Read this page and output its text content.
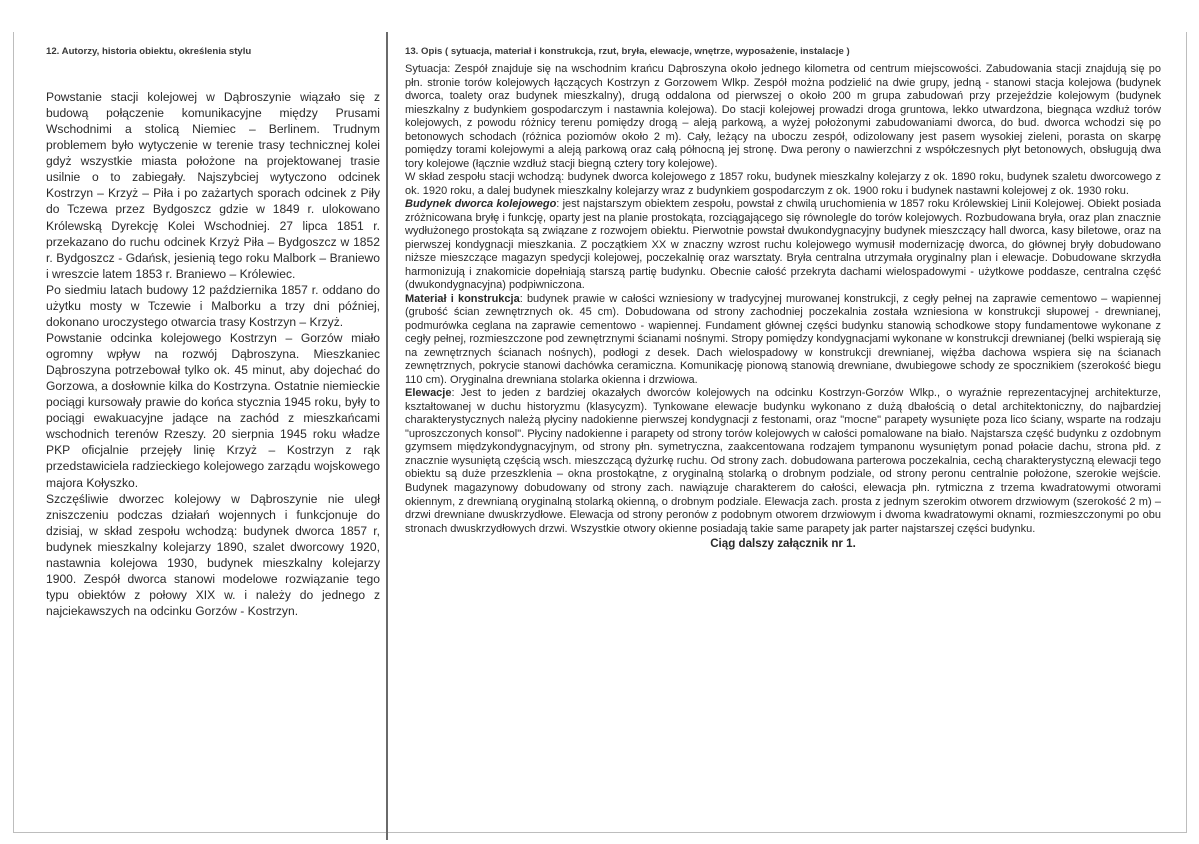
12. Autorzy, historia obiektu, określenia stylu

Powstanie stacji kolejowej w Dąbroszynie wiązało się z budową połączenie komunikacyjne między Prusami Wschodnimi a stolicą Niemiec – Berlinem. Trudnym problemem było wytyczenie w terenie trasy technicznej kolei gdyż wszystkie miasta położone na projektowanej trasie usilnie o to zabiegały. Najszybciej wytyczono odcinek Kostrzyn – Krzyż – Piła i po zażartych sporach odcinek z Piły do Tczewa przez Bydgoszcz gdzie w 1849 r. ulokowano Królewską Dyrekcję Kolei Wschodniej. 27 lipca 1851 r. przekazano do ruchu odcinek Krzyż Piła – Bydgoszcz w 1852 r. Bydgoszcz - Gdańsk, jesienią tego roku Malbork – Braniewo i wreszcie latem 1853 r. Braniewo – Królewiec.

Po siedmiu latach budowy 12 października 1857 r. oddano do użytku mosty w Tczewie i Malborku a trzy dni później, dokonano uroczystego otwarcia trasy Kostrzyn – Krzyż.

Powstanie odcinka kolejowego Kostrzyn – Gorzów miało ogromny wpływ na rozwój Dąbroszyna. Mieszkaniec Dąbroszyna potrzebował tylko ok. 45 minut, aby dojechać do Gorzowa, a dosłownie kilka do Kostrzyna. Ostatnie niemieckie pociągi kursowały prawie do końca stycznia 1945 roku, były to pociągi ewakuacyjne jadące na zachód z mieszkańcami wschodnich terenów Rzeszy. 20 sierpnia 1945 roku władze PKP oficjalnie przejęły linię Krzyż – Kostrzyn z rąk przedstawiciela radzieckiego kolejowego zarządu wojskowego majora Kołyszko.

Szczęśliwie dworzec kolejowy w Dąbroszynie nie uległ zniszczeniu podczas działań wojennych i funkcjonuje do dzisiaj, w skład zespołu wchodzą: budynek dworca 1857 r, budynek mieszkalny kolejarzy 1890, szalet dworcowy 1920, nastawnia kolejowa 1930, budynek mieszkalny kolejarzy 1900. Zespół dworca stanowi modelowe rozwiązanie tego typu obiektów z połowy XIX w. i należy do jednego z najciekawszych na odcinku Gorzów - Kostrzyn.

13. Opis ( sytuacja, materiał i konstrukcja, rzut, bryła, elewacje, wnętrze, wyposażenie, instalacje )

Sytuacja: Zespół znajduje się na wschodnim krańcu Dąbroszyna około jednego kilometra od centrum miejscowości. Zabudowania stacji znajdują się po płn. stronie torów kolejowych łączących Kostrzyn z Gorzowem Wlkp. Zespół można podzielić na dwie grupy, jedną - stanowi stacja kolejowa (budynek dworca, toalety oraz budynek mieszkalny), drugą oddalona od pierwszej o około 200 m grupa zabudowań przy przejeździe kolejowym (budynek mieszkalny z budynkiem gospodarczym i nastawnia kolejowa). Do stacji kolejowej prowadzi droga gruntowa, lekko utwardzona, biegnąca wzdłuż torów kolejowych, z powodu różnicy terenu pomiędzy drogą – aleją parkową, a wyżej położonymi zabudowaniami dworca, do bud. dworca wchodzi się po betonowych schodach (różnica poziomów około 2 m). Cały, leżący na uboczu zespół, odizolowany jest pasem wysokiej zieleni, porasta on skarpę pomiędzy torami kolejowymi a aleją parkową oraz całą północną jej stronę. Dwa perony o nawierzchni z współczesnych płyt betonowych, obsługują dwa tory kolejowe (łącznie wzdłuż stacji biegną cztery tory kolejowe).

W skład zespołu stacji wchodzą: budynek dworca kolejowego z 1857 roku, budynek mieszkalny kolejarzy z ok. 1890 roku, budynek szaletu dworcowego z ok. 1920 roku, a dalej budynek mieszkalny kolejarzy wraz z budynkiem gospodarczym z ok. 1900 roku i budynek nastawni kolejowej z ok. 1930 roku.

Budynek dworca kolejowego: jest najstarszym obiektem zespołu, powstał z chwilą uruchomienia w 1857 roku Królewskiej Linii Kolejowej. Obiekt posiada zróżnicowana bryłę i funkcję, oparty jest na planie prostokąta, rozciągającego się równolegle do torów kolejowych. Rozbudowana bryła, oraz plan znacznie wydłużonego prostokąta są związane z rozwojem obiektu. Pierwotnie powstał dwukondygnacyjny budynek mieszczący hall dworca, kasy biletowe, oraz na pierwszej kondygnacji mieszkania. Z początkiem XX w znaczny wzrost ruchu kolejowego wymusił modernizację dworca, do głównej bryły dobudowano niższe mieszczące magazyn spedycji kolejowej, poczekalnię oraz warsztaty. Bryła centralna utrzymała oryginalny plan i elewacje. Dobudowane skrzydła harmonizują i znakomicie dopełniają starszą partię budynku. Obecnie całość przekryta dachami wielospadowymi - użytkowe poddasze, centralna część (dwukondygnacyjna) podpiwniczona.

Materiał i konstrukcja: budynek prawie w całości wzniesiony w tradycyjnej murowanej konstrukcji, z cegły pełnej na zaprawie cementowo – wapiennej (grubość ścian zewnętrznych ok. 45 cm). Dobudowana od strony zachodniej poczekalnia została wzniesiona w konstrukcji słupowej - drewnianej, podmurówka ceglana na zaprawie cementowo - wapiennej. Fundament głównej części budynku stanowią schodkowe stopy fundamentowe wykonane z cegły pełnej, rozmieszczone pod zewnętrznymi ścianami nośnymi. Stropy pomiędzy kondygnacjami wykonane w konstrukcji drewnianej (belki wspierają się na zewnętrznych ścianach nośnych), podłogi z desek. Dach wielospadowy w konstrukcji drewnianej, więźba dachowa wspiera się na ścianach zewnętrznych, pokrycie stanowi dachówka ceramiczna. Komunikację pionową stanowią drewniane, dwubiegowe schody ze spocznikiem (szerokość biegu 110 cm). Oryginalna drewniana stolarka okienna i drzwiowa.

Elewacje: Jest to jeden z bardziej okazałych dworców kolejowych na odcinku Kostrzyn-Gorzów Wlkp., o wyraźnie reprezentacyjnej architekturze, kształtowanej w duchu historyzmu (klasycyzm). Tynkowane elewacje budynku wykonano z dużą dbałością o detal architektoniczny, do najbardziej charakterystycznych należą płyciny nadokienne pierwszej kondygnacji z festonami, oraz "mocne" parapety wysunięte poza lico ściany, wsparte na rodzaju "uproszczonych konsol". Płyciny nadokienne i parapety od strony torów kolejowych w całości pomalowane na biało. Najstarsza część budynku z ozdobnym gzymsem międzykondygnacyjnym, od strony płn. symetryczna, zaakcentowana rodzajem tympanonu wysuniętym ponad połacie dachu, strona płd. z znacznie wysuniętą częścią wsch. mieszczącą dyżurkę ruchu. Od strony zach. dobudowana parterowa poczekalnia, cechą charakterystyczną elewacji tego obiektu są duże przeszklenia – okna prostokątne, z oryginalną stolarką o drobnym podziale, od strony peronu centralnie położone, szerokie wejście. Budynek magazynowy dobudowany od strony zach. nawiązuje charakterem do całości, elewacja płn. rytmiczna z trzema kwadratowymi otworami okiennym, z drewnianą oryginalną stolarką okienną, o drobnym podziale. Elewacja zach. prosta z jednym szerokim otworem drzwiowym (szerokość 2 m) – drzwi drewniane dwuskrzydłowe. Elewacja od strony peronów z podobnym otworem drzwiowym i dwoma kwadratowymi oknami, rozmieszczonymi po obu stronach dwuskrzydłowych drzwi. Wszystkie otwory okienne posiadają takie same parapety jak parter najstarszej części budynku.

Ciąg dalszy załącznik nr 1.
